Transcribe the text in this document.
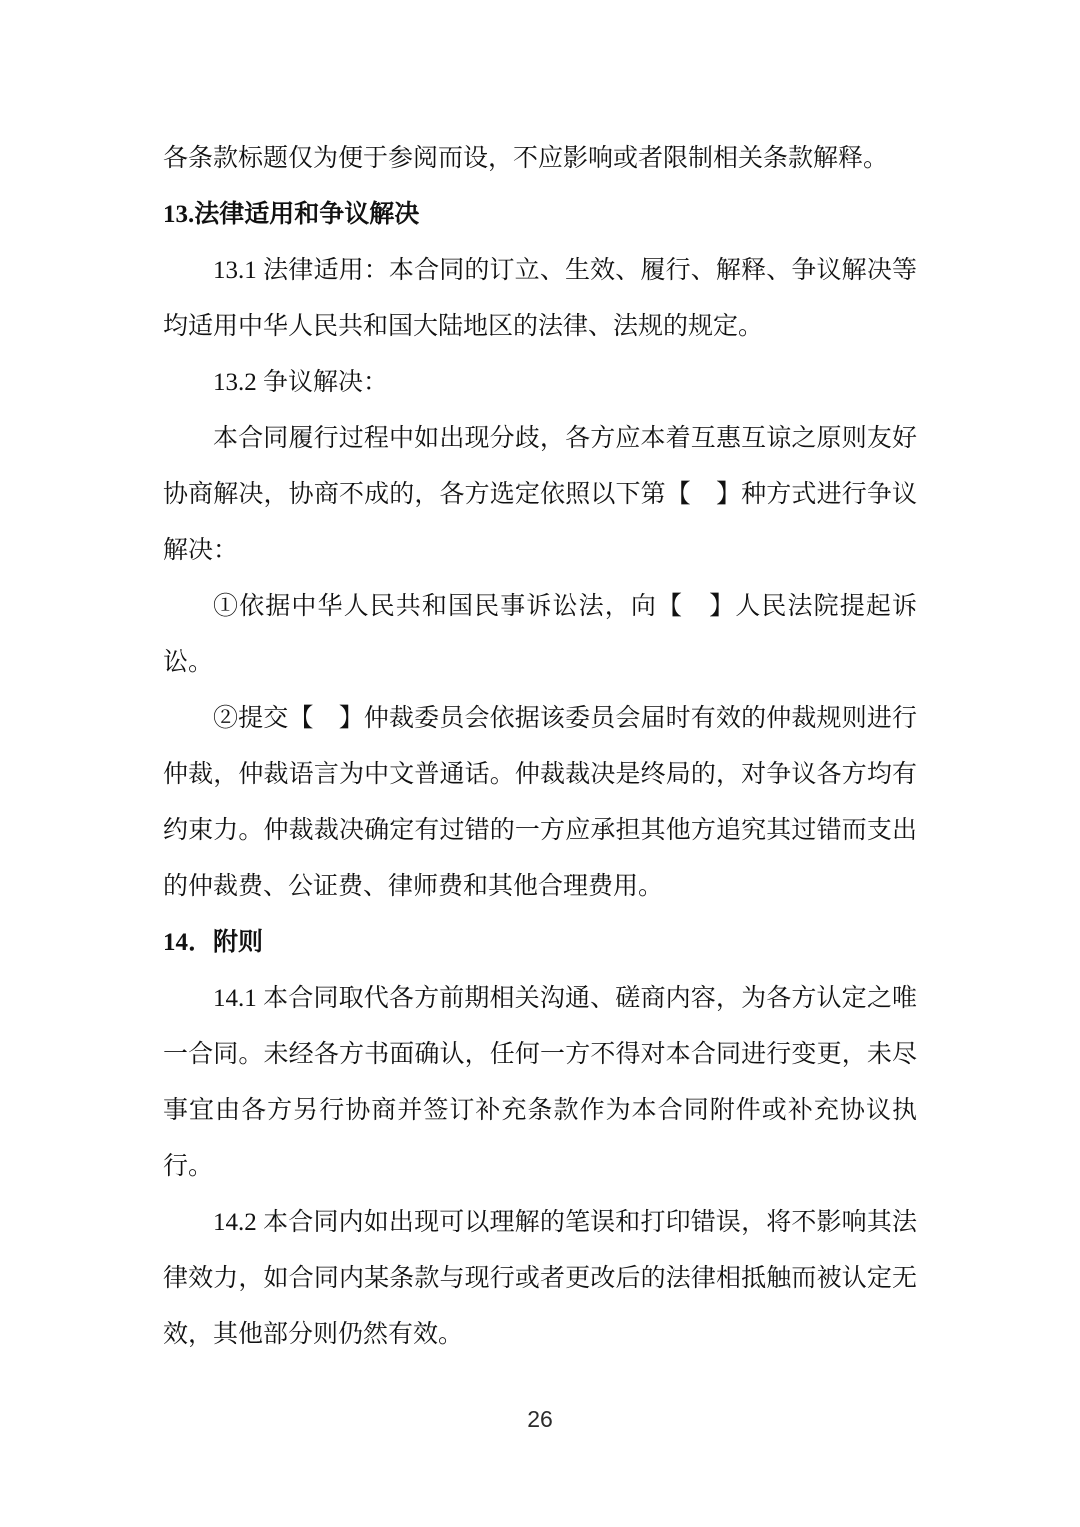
各条款标题仅为便于参阅而设，不应影响或者限制相关条款解释。

13.法律适用和争议解决

13.1 法律适用：本合同的订立、生效、履行、解释、争议解决等均适用中华人民共和国大陆地区的法律、法规的规定。

13.2 争议解决：

本合同履行过程中如出现分歧，各方应本着互惠互谅之原则友好协商解决，协商不成的，各方选定依照以下第【　】种方式进行争议解决：

①依据中华人民共和国民事诉讼法，向【　】人民法院提起诉讼。

②提交【　】仲裁委员会依据该委员会届时有效的仲裁规则进行仲裁，仲裁语言为中文普通话。仲裁裁决是终局的，对争议各方均有约束力。仲裁裁决确定有过错的一方应承担其他方追究其过错而支出的仲裁费、公证费、律师费和其他合理费用。

14．附则

14.1 本合同取代各方前期相关沟通、磋商内容，为各方认定之唯一合同。未经各方书面确认，任何一方不得对本合同进行变更，未尽事宜由各方另行协商并签订补充条款作为本合同附件或补充协议执行。

14.2 本合同内如出现可以理解的笔误和打印错误，将不影响其法律效力，如合同内某条款与现行或者更改后的法律相抵触而被认定无效，其他部分则仍然有效。

26
